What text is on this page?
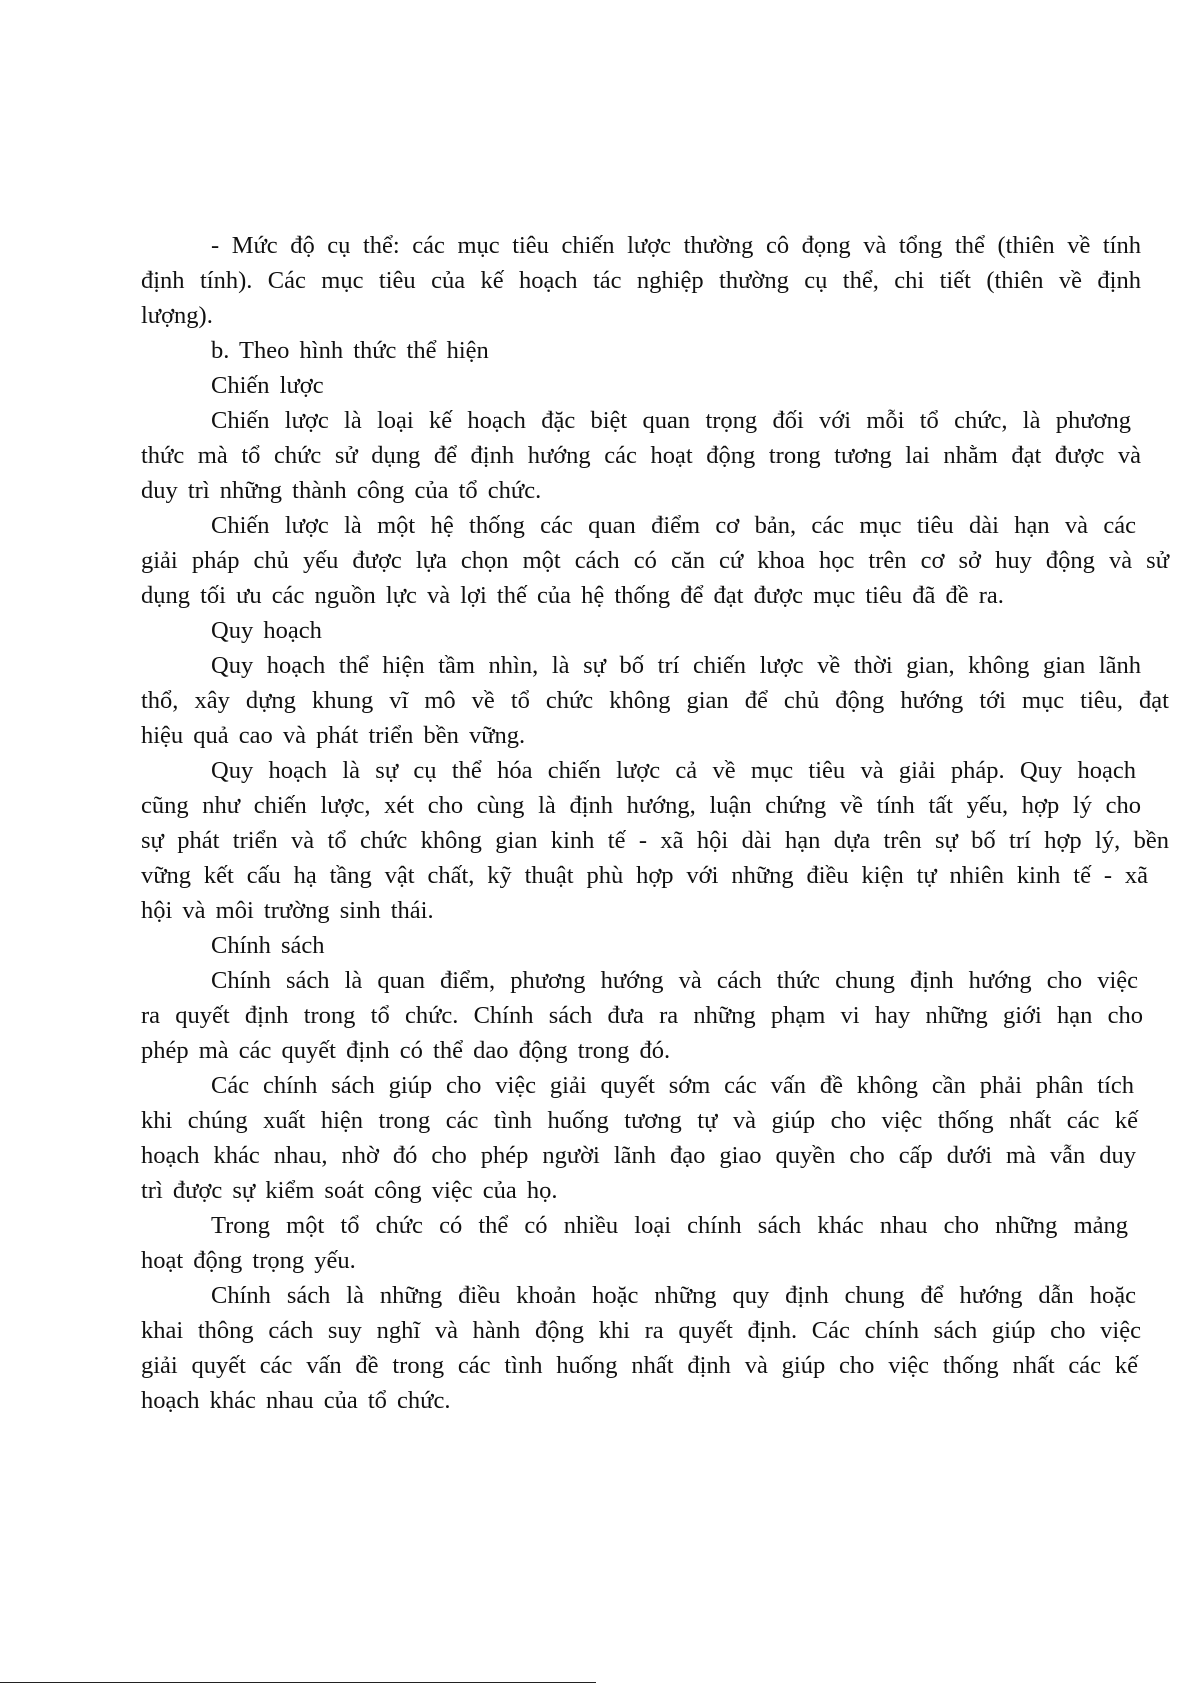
- Mức độ cụ thể: các mục tiêu chiến lược thường cô đọng và tổng thể (thiên về tính
định tính). Các mục tiêu của kế hoạch tác nghiệp thường cụ thể, chi tiết (thiên về định
lượng).
b. Theo hình thức thể hiện
Chiến lược
Chiến lược là loại kế hoạch đặc biệt quan trọng đối với mỗi tổ chức, là phương
thức mà tổ chức sử dụng để định hướng các hoạt động trong tương lai nhằm đạt được và
duy trì những thành công của tổ chức.
Chiến lược là một hệ thống các quan điểm cơ bản, các mục tiêu dài hạn và các
giải pháp chủ yếu được lựa chọn một cách có căn cứ khoa học trên cơ sở huy động và sử
dụng tối ưu các nguồn lực và lợi thế của hệ thống để đạt được mục tiêu đã đề ra.
Quy hoạch
Quy hoạch thể hiện tầm nhìn, là sự bố trí chiến lược về thời gian, không gian lãnh
thổ, xây dựng khung vĩ mô về tổ chức không gian để chủ động hướng tới mục tiêu, đạt
hiệu quả cao và phát triển bền vững.
Quy hoạch là sự cụ thể hóa chiến lược cả về mục tiêu và giải pháp. Quy hoạch
cũng như chiến lược, xét cho cùng là định hướng, luận chứng về tính tất yếu, hợp lý cho
sự phát triển và tổ chức không gian kinh tế - xã hội dài hạn dựa trên sự bố trí hợp lý, bền
vững kết cấu hạ tầng vật chất, kỹ thuật phù hợp với những điều kiện tự nhiên kinh tế - xã
hội và môi trường sinh thái.
Chính sách
Chính sách là quan điểm, phương hướng và cách thức chung định hướng cho việc
ra quyết định trong tổ chức. Chính sách đưa ra những phạm vi hay những giới hạn cho
phép mà các quyết định có thể dao động trong đó.
Các chính sách giúp cho việc giải quyết sớm các vấn đề không cần phải phân tích
khi chúng xuất hiện trong các tình huống tương tự và giúp cho việc thống nhất các kế
hoạch khác nhau, nhờ đó cho phép người lãnh đạo giao quyền cho cấp dưới mà vẫn duy
trì được sự kiểm soát công việc của họ.
Trong một tổ chức có thể có nhiều loại chính sách khác nhau cho những mảng
hoạt động trọng yếu.
Chính sách là những điều khoản hoặc những quy định chung để hướng dẫn hoặc
khai thông cách suy nghĩ và hành động khi ra quyết định. Các chính sách giúp cho việc
giải quyết các vấn đề trong các tình huống nhất định và giúp cho việc thống nhất các kế
hoạch khác nhau của tổ chức.
